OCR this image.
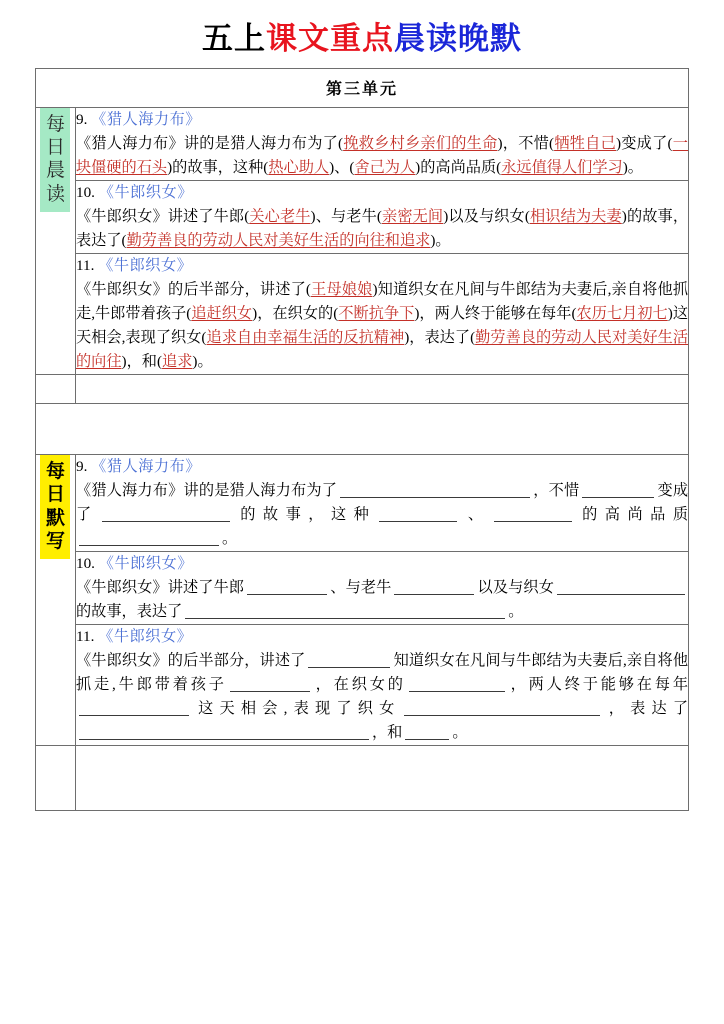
五上课文重点晨读晚默
第三单元

每日晨读

9. 《猎人海力布》
《猎人海力布》讲的是猎人海力布为了(挽救乡村乡亲们的生命)，不惜(牺牲自己)变成了(一块僵硬的石头)的故事，这种(热心助人)、(舍己为人)的高尚品质(永远值得人们学习)。

10. 《牛郎织女》
《牛郎织女》讲述了牛郎(关心老牛)、与老牛(亲密无间)以及与织女(相识结为夫妻)的故事，表达了(勤劳善良的劳动人民对美好生活的向往和追求)。

11. 《牛郎织女》
《牛郎织女》的后半部分，讲述了(王母娘娘)知道织女在凡间与牛郎结为夫妻后,亲自将他抓走,牛郎带着孩子(追赶织女)，在织女的(不断抗争下)，两人终于能够在每年(农历七月初七)这天相会,表现了织女(追求自由幸福生活的反抗精神)，表达了(勤劳善良的劳动人民对美好生活的向往)，和(追求)。

每日默写

9. 《猎人海力布》
《猎人海力布》讲的是猎人海力布为了	，不惜	变成了	的故事，这种	、	的高尚品质。

10. 《牛郎织女》
《牛郎织女》讲述了牛郎	、与老牛	以及与织女的故事，表达了	。

11. 《牛郎织女》
《牛郎织女》的后半部分，讲述了	知道织女在凡间与牛郎结为夫妻后,亲自将他抓走,牛郎带着孩子	，在织女的	，两人终于能够在每年这天相会,表现了织女	，表达了，和	。
